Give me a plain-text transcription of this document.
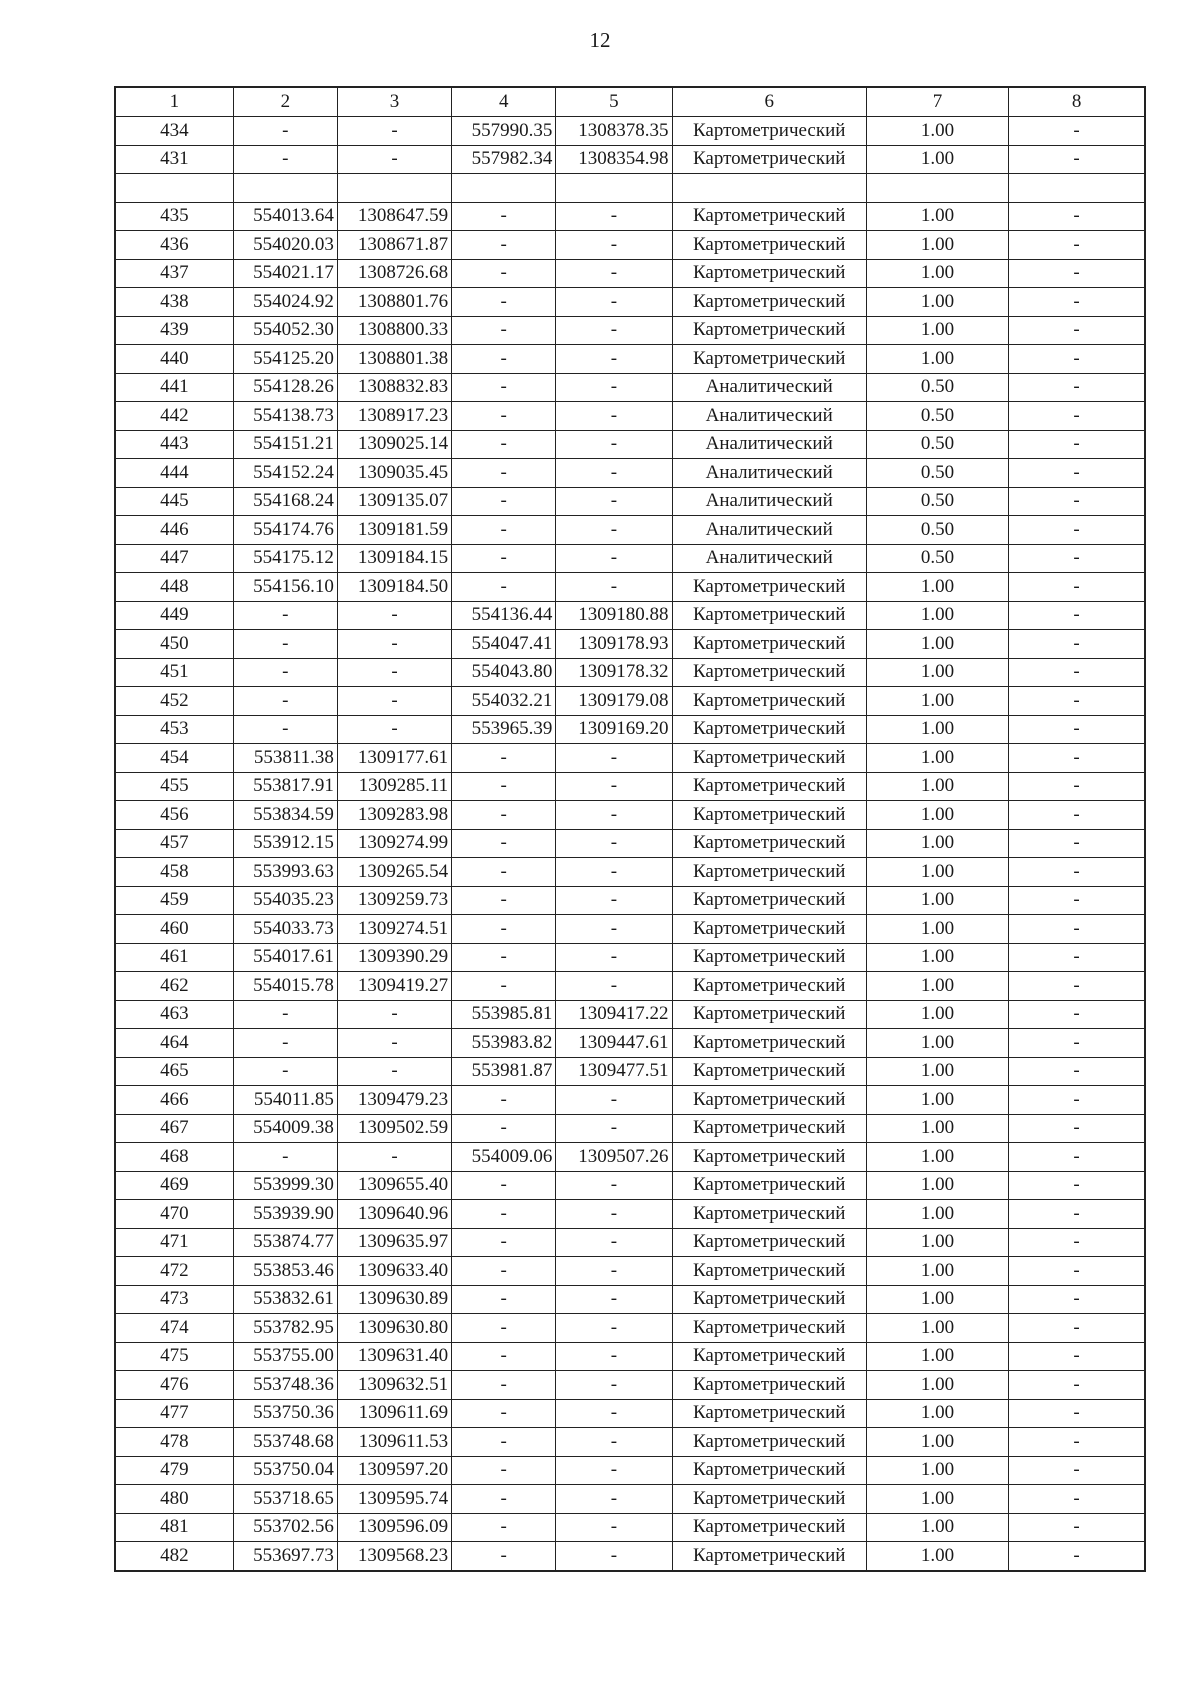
12
1	2	3	4	5	6	7	8
434	-	-	557990.35	1308378.35	Картометрический	1.00	-
431	-	-	557982.34	1308354.98	Картометрический	1.00	-

435	554013.64	1308647.59	-	-	Картометрический	1.00	-
436	554020.03	1308671.87	-	-	Картометрический	1.00	-
437	554021.17	1308726.68	-	-	Картометрический	1.00	-
438	554024.92	1308801.76	-	-	Картометрический	1.00	-
439	554052.30	1308800.33	-	-	Картометрический	1.00	-
440	554125.20	1308801.38	-	-	Картометрический	1.00	-
441	554128.26	1308832.83	-	-	Аналитический	0.50	-
442	554138.73	1308917.23	-	-	Аналитический	0.50	-
443	554151.21	1309025.14	-	-	Аналитический	0.50	-
444	554152.24	1309035.45	-	-	Аналитический	0.50	-
445	554168.24	1309135.07	-	-	Аналитический	0.50	-
446	554174.76	1309181.59	-	-	Аналитический	0.50	-
447	554175.12	1309184.15	-	-	Аналитический	0.50	-
448	554156.10	1309184.50	-	-	Картометрический	1.00	-
449	-	-	554136.44	1309180.88	Картометрический	1.00	-
450	-	-	554047.41	1309178.93	Картометрический	1.00	-
451	-	-	554043.80	1309178.32	Картометрический	1.00	-
452	-	-	554032.21	1309179.08	Картометрический	1.00	-
453	-	-	553965.39	1309169.20	Картометрический	1.00	-
454	553811.38	1309177.61	-	-	Картометрический	1.00	-
455	553817.91	1309285.11	-	-	Картометрический	1.00	-
456	553834.59	1309283.98	-	-	Картометрический	1.00	-
457	553912.15	1309274.99	-	-	Картометрический	1.00	-
458	553993.63	1309265.54	-	-	Картометрический	1.00	-
459	554035.23	1309259.73	-	-	Картометрический	1.00	-
460	554033.73	1309274.51	-	-	Картометрический	1.00	-
461	554017.61	1309390.29	-	-	Картометрический	1.00	-
462	554015.78	1309419.27	-	-	Картометрический	1.00	-
463	-	-	553985.81	1309417.22	Картометрический	1.00	-
464	-	-	553983.82	1309447.61	Картометрический	1.00	-
465	-	-	553981.87	1309477.51	Картометрический	1.00	-
466	554011.85	1309479.23	-	-	Картометрический	1.00	-
467	554009.38	1309502.59	-	-	Картометрический	1.00	-
468	-	-	554009.06	1309507.26	Картометрический	1.00	-
469	553999.30	1309655.40	-	-	Картометрический	1.00	-
470	553939.90	1309640.96	-	-	Картометрический	1.00	-
471	553874.77	1309635.97	-	-	Картометрический	1.00	-
472	553853.46	1309633.40	-	-	Картометрический	1.00	-
473	553832.61	1309630.89	-	-	Картометрический	1.00	-
474	553782.95	1309630.80	-	-	Картометрический	1.00	-
475	553755.00	1309631.40	-	-	Картометрический	1.00	-
476	553748.36	1309632.51	-	-	Картометрический	1.00	-
477	553750.36	1309611.69	-	-	Картометрический	1.00	-
478	553748.68	1309611.53	-	-	Картометрический	1.00	-
479	553750.04	1309597.20	-	-	Картометрический	1.00	-
480	553718.65	1309595.74	-	-	Картометрический	1.00	-
481	553702.56	1309596.09	-	-	Картометрический	1.00	-
482	553697.73	1309568.23	-	-	Картометрический	1.00	-
